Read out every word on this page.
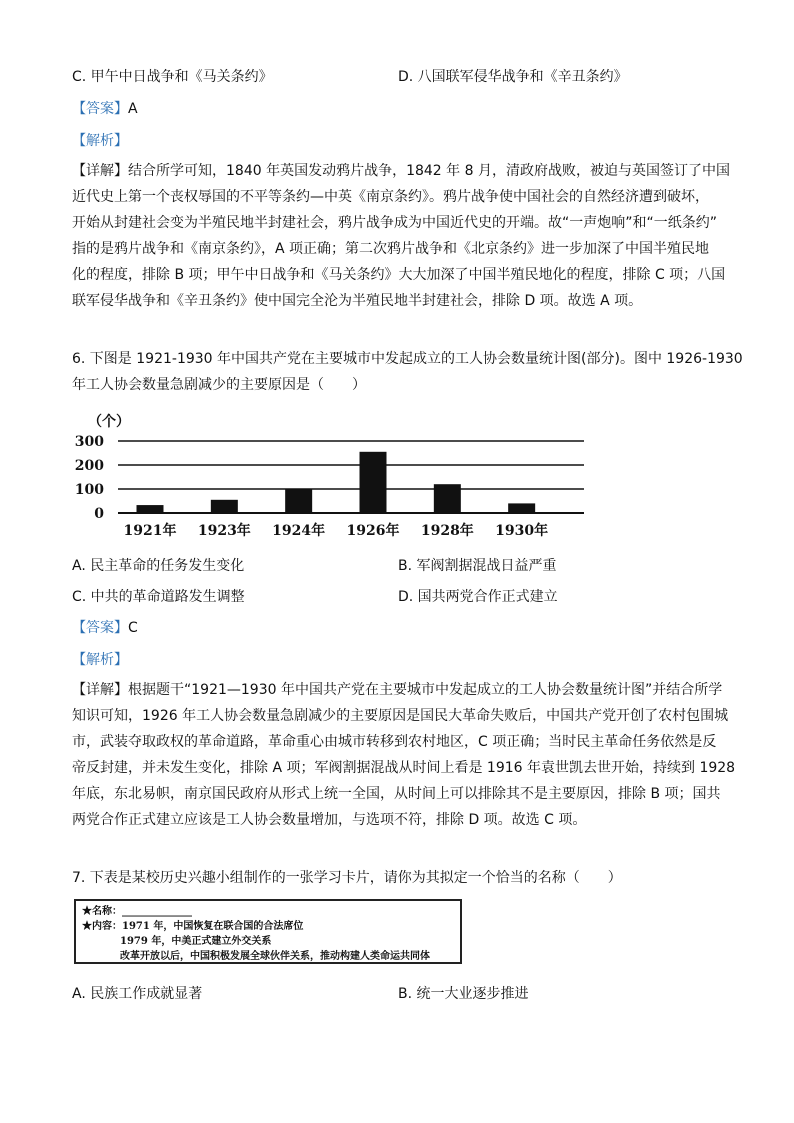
C. 甲午中日战争和《马关条约》	D. 八国联军侵华战争和《辛丑条约》
【答案】A
【解析】
【详解】结合所学可知，1840 年英国发动鸦片战争，1842 年 8 月，清政府战败，被迫与英国签订了中国
近代史上第一个丧权辱国的不平等条约—中英《南京条约》。鸦片战争使中国社会的自然经济遭到破坏，
开始从封建社会变为半殖民地半封建社会，鸦片战争成为中国近代史的开端。故“一声炮响”和“一纸条约”
指的是鸦片战争和《南京条约》，A 项正确；第二次鸦片战争和《北京条约》进一步加深了中国半殖民地
化的程度，排除 B 项；甲午中日战争和《马关条约》大大加深了中国半殖民地化的程度，排除 C 项；八国
联军侵华战争和《辛丑条约》使中国完全沦为半殖民地半封建社会，排除 D 项。故选 A 项。
6. 下图是 1921-1930 年中国共产党在主要城市中发起成立的工人协会数量统计图(部分)。图中 1926-1930
年工人协会数量急剧减少的主要原因是（　　）
（个）
0
100
200
300
1921年 1923年 1924年 1926年 1928年 1930年
A. 民主革命的任务发生变化	B. 军阀割据混战日益严重
C. 中共的革命道路发生调整	D. 国共两党合作正式建立
【答案】C
【解析】
【详解】根据题干“1921—1930 年中国共产党在主要城市中发起成立的工人协会数量统计图”并结合所学
知识可知，1926 年工人协会数量急剧减少的主要原因是国民大革命失败后，中国共产党开创了农村包围城
市，武装夺取政权的革命道路，革命重心由城市转移到农村地区，C 项正确；当时民主革命任务依然是反
帝反封建，并未发生变化，排除 A 项；军阀割据混战从时间上看是 1916 年袁世凯去世开始，持续到 1928
年底，东北易帜，南京国民政府从形式上统一全国，从时间上可以排除其不是主要原因，排除 B 项；国共
两党合作正式建立应该是工人协会数量增加，与选项不符，排除 D 项。故选 C 项。
7. 下表是某校历史兴趣小组制作的一张学习卡片，请你为其拟定一个恰当的名称（　　）
★名称：______________
★内容：1971 年，中国恢复在联合国的合法席位
1979 年，中美正式建立外交关系
改革开放以后，中国积极发展全球伙伴关系，推动构建人类命运共同体
A. 民族工作成就显著	B. 统一大业逐步推进
